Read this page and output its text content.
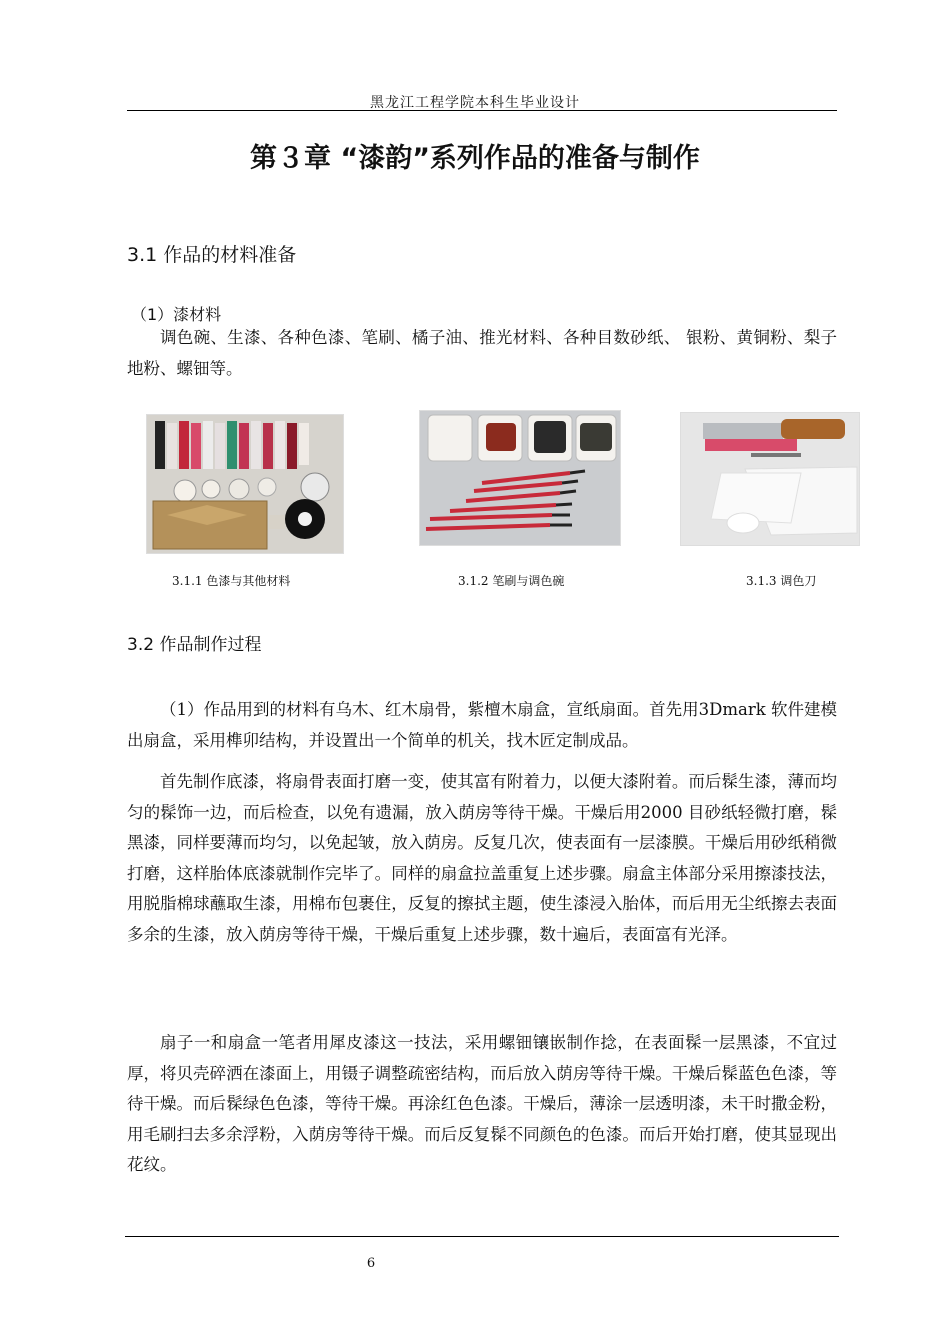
黑龙江工程学院本科生毕业设计
第３章 “漆韵”系列作品的准备与制作
3.1 作品的材料准备
（1）漆材料

调色碗、生漆、各种色漆、笔刷、橘子油、推光材料、各种目数砂纸、 银粉、黄铜粉、梨子地粉、螺钿等。

3.1.1 色漆与其他材料	3.1.2 笔刷与调色碗	3.1.3 调色刀
3.2 作品制作过程

（1）作品用到的材料有乌木、红木扇骨，紫檀木扇盒，宣纸扇面。首先用3Dmark 软件建模出扇盒，采用榫卯结构，并设置出一个简单的机关，找木匠定制成品。

首先制作底漆，将扇骨表面打磨一变，使其富有附着力，以便大漆附着。而后髹生漆，薄而均匀的髹饰一边，而后检查，以免有遗漏，放入荫房等待干燥。干燥后用2000 目砂纸轻微打磨，髹黑漆，同样要薄而均匀，以免起皱，放入荫房。反复几次，使表面有一层漆膜。干燥后用砂纸稍微打磨，这样胎体底漆就制作完毕了。同样的扇盒拉盖重复上述步骤。扇盒主体部分采用擦漆技法，用脱脂棉球蘸取生漆，用棉布包裹住，反复的擦拭主题，使生漆浸入胎体，而后用无尘纸擦去表面多余的生漆，放入荫房等待干燥，干燥后重复上述步骤，数十遍后，表面富有光泽。

扇子一和扇盒一笔者用犀皮漆这一技法，采用螺钿镶嵌制作捻，在表面髹一层黑漆，不宜过厚，将贝壳碎洒在漆面上，用镊子调整疏密结构，而后放入荫房等待干燥。干燥后髹蓝色色漆，等待干燥。而后髹绿色色漆，等待干燥。再涂红色色漆。干燥后，薄涂一层透明漆，未干时撒金粉，用毛刷扫去多余浮粉，入荫房等待干燥。而后反复髹不同颜色的色漆。而后开始打磨，使其显现出花纹。

6
